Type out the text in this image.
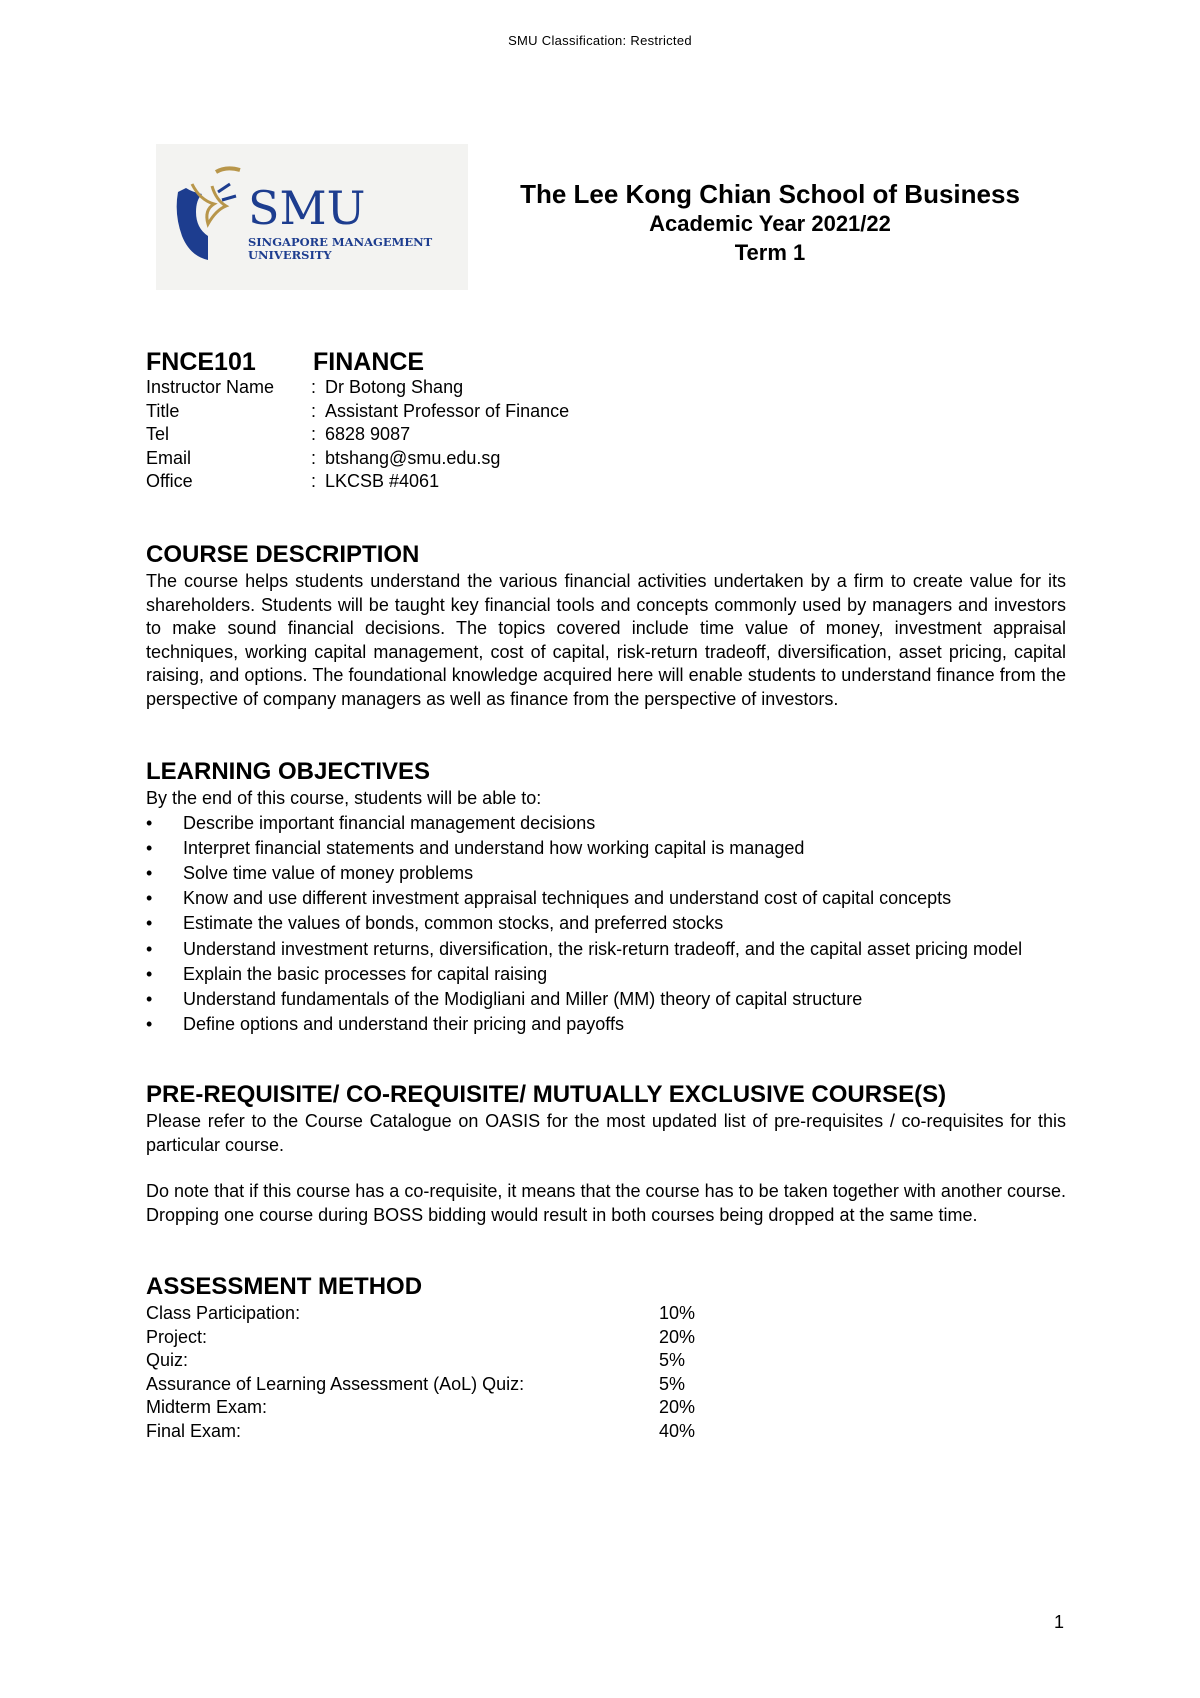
SMU Classification: Restricted
SMU
SINGAPORE MANAGEMENT
UNIVERSITY
The Lee Kong Chian School of Business
Academic Year 2021/22
Term 1
FNCE101 FINANCE
Instructor Name	:	Dr Botong Shang
Title	:	Assistant Professor of Finance
Tel	:	6828 9087
Email	:	btshang@smu.edu.sg
Office	:	LKCSB #4061
COURSE DESCRIPTION

The course helps students understand the various financial activities undertaken by a firm to create value for its shareholders. Students will be taught key financial tools and concepts commonly used by managers and investors to make sound financial decisions. The topics covered include time value of money, investment appraisal techniques, working capital management, cost of capital, risk-return tradeoff, diversification, asset pricing, capital raising, and options. The foundational knowledge acquired here will enable students to understand finance from the perspective of company managers as well as finance from the perspective of investors.

LEARNING OBJECTIVES

By the end of this course, students will be able to:

• Describe important financial management decisions
• Interpret financial statements and understand how working capital is managed
• Solve time value of money problems
• Know and use different investment appraisal techniques and understand cost of capital concepts
• Estimate the values of bonds, common stocks, and preferred stocks
• Understand investment returns, diversification, the risk-return tradeoff, and the capital asset pricing model
• Explain the basic processes for capital raising
• Understand fundamentals of the Modigliani and Miller (MM) theory of capital structure
• Define options and understand their pricing and payoffs
PRE-REQUISITE/ CO-REQUISITE/ MUTUALLY EXCLUSIVE COURSE(S)

Please refer to the Course Catalogue on OASIS for the most updated list of pre-requisites / co-requisites for this particular course.

Do note that if this course has a co-requisite, it means that the course has to be taken together with another course. Dropping one course during BOSS bidding would result in both courses being dropped at the same time.

ASSESSMENT METHOD
Class Participation:	10%
Project:	20%
Quiz:	5%
Assurance of Learning Assessment (AoL) Quiz:	5%
Midterm Exam:	20%
Final Exam:	40%
1
